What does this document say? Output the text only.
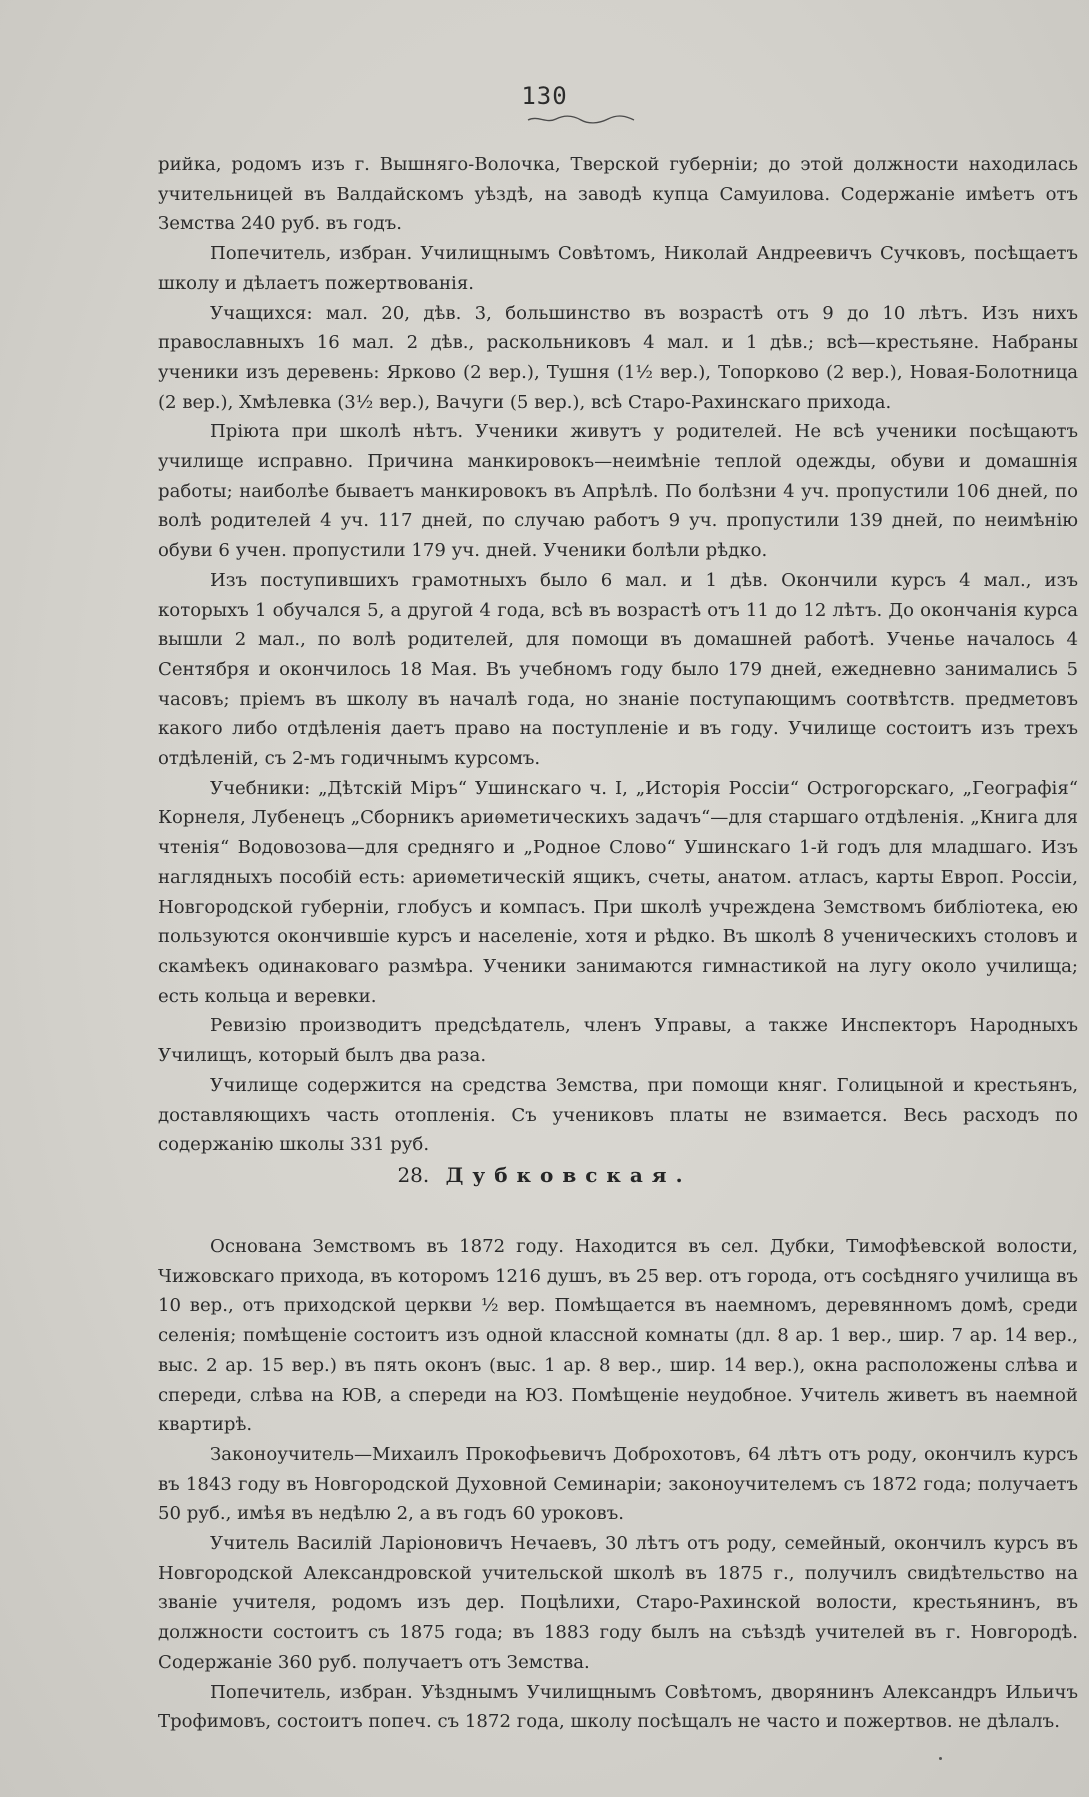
130

рийка, родомъ изъ г. Вышняго-Волочка, Тверской губерніи; до этой должности находилась учительницей въ Валдайскомъ уѣздѣ, на заводѣ купца Самуилова. Содержаніе имѣетъ отъ Земства 240 руб. въ годъ.

Попечитель, избран. Училищнымъ Совѣтомъ, Николай Андреевичъ Сучковъ, посѣщаетъ школу и дѣлаетъ пожертвованія.

Учащихся: мал. 20, дѣв. 3, большинство въ возрастѣ отъ 9 до 10 лѣтъ. Изъ нихъ православныхъ 16 мал. 2 дѣв., раскольниковъ 4 мал. и 1 дѣв.; всѣ—крестьяне. Набраны ученики изъ деревень: Ярково (2 вер.), Тушня (1½ вер.), Топорково (2 вер.), Новая-Болотница (2 вер.), Хмѣлевка (3½ вер.), Вачуги (5 вер.), всѣ Старо-Рахинскаго прихода.

Пріюта при школѣ нѣтъ. Ученики живутъ у родителей. Не всѣ ученики посѣщаютъ училище исправно. Причина манкировокъ—неимѣніе теплой одежды, обуви и домашнія работы; наиболѣе бываетъ манкировокъ въ Апрѣлѣ. По болѣзни 4 уч. пропустили 106 дней, по волѣ родителей 4 уч. 117 дней, по случаю работъ 9 уч. пропустили 139 дней, по неимѣнію обуви 6 учен. пропустили 179 уч. дней. Ученики болѣли рѣдко.

Изъ поступившихъ грамотныхъ было 6 мал. и 1 дѣв. Окончили курсъ 4 мал., изъ которыхъ 1 обучался 5, а другой 4 года, всѣ въ возрастѣ отъ 11 до 12 лѣтъ. До окончанія курса вышли 2 мал., по волѣ родителей, для помощи въ домашней работѣ. Ученье началось 4 Сентября и окончилось 18 Мая. Въ учебномъ году было 179 дней, ежедневно занимались 5 часовъ; пріемъ въ школу въ началѣ года, но знаніе поступающимъ соотвѣтств. предметовъ какого либо отдѣленія даетъ право на поступленіе и въ году. Училище состоитъ изъ трехъ отдѣленій, съ 2-мъ годичнымъ курсомъ.

Учебники: „Дѣтскій Міръ“ Ушинскаго ч. I, „Исторія Россіи“ Острогорскаго, „Географія“ Корнеля, Лубенецъ „Сборникъ ариѳметическихъ задачъ“—для старшаго отдѣленія. „Книга для чтенія“ Водовозова—для средняго и „Родное Слово“ Ушинскаго 1-й годъ для младшаго. Изъ наглядныхъ пособій есть: ариѳметическій ящикъ, счеты, анатом. атласъ, карты Европ. Россіи, Новгородской губерніи, глобусъ и компасъ. При школѣ учреждена Земствомъ библіотека, ею пользуются окончившіе курсъ и населеніе, хотя и рѣдко. Въ школѣ 8 ученическихъ столовъ и скамѣекъ одинаковаго размѣра. Ученики занимаются гимнастикой на лугу около училища; есть кольца и веревки.

Ревизію производитъ предсѣдатель, членъ Управы, а также Инспекторъ Народныхъ Училищъ, который былъ два раза.

Училище содержится на средства Земства, при помощи княг. Голицыной и крестьянъ, доставляющихъ часть отопленія. Съ учениковъ платы не взимается. Весь расходъ по содержанію школы 331 руб.

28. Дубковская.

Основана Земствомъ въ 1872 году. Находится въ сел. Дубки, Тимофѣевской волости, Чижовскаго прихода, въ которомъ 1216 душъ, въ 25 вер. отъ города, отъ сосѣдняго училища въ 10 вер., отъ приходской церкви ½ вер. Помѣщается въ наемномъ, деревянномъ домѣ, среди селенія; помѣщеніе состоитъ изъ одной классной комнаты (дл. 8 ар. 1 вер., шир. 7 ар. 14 вер., выс. 2 ар. 15 вер.) въ пять оконъ (выс. 1 ар. 8 вер., шир. 14 вер.), окна расположены слѣва и спереди, слѣва на ЮВ, а спереди на ЮЗ. Помѣщеніе неудобное. Учитель живетъ въ наемной квартирѣ.

Законоучитель—Михаилъ Прокофьевичъ Доброхотовъ, 64 лѣтъ отъ роду, окончилъ курсъ въ 1843 году въ Новгородской Духовной Семинаріи; законоучителемъ съ 1872 года; получаетъ 50 руб., имѣя въ недѣлю 2, а въ годъ 60 уроковъ.

Учитель Василій Ларіоновичъ Нечаевъ, 30 лѣтъ отъ роду, семейный, окончилъ курсъ въ Новгородской Александровской учительской школѣ въ 1875 г., получилъ свидѣтельство на званіе учителя, родомъ изъ дер. Поцѣлихи, Старо-Рахинской волости, крестьянинъ, въ должности состоитъ съ 1875 года; въ 1883 году былъ на съѣздѣ учителей въ г. Новгородѣ. Содержаніе 360 руб. получаетъ отъ Земства.

Попечитель, избран. Уѣзднымъ Училищнымъ Совѣтомъ, дворянинъ Александръ Ильичъ Трофимовъ, состоитъ попеч. съ 1872 года, школу посѣщалъ не часто и пожертвов. не дѣлалъ.
